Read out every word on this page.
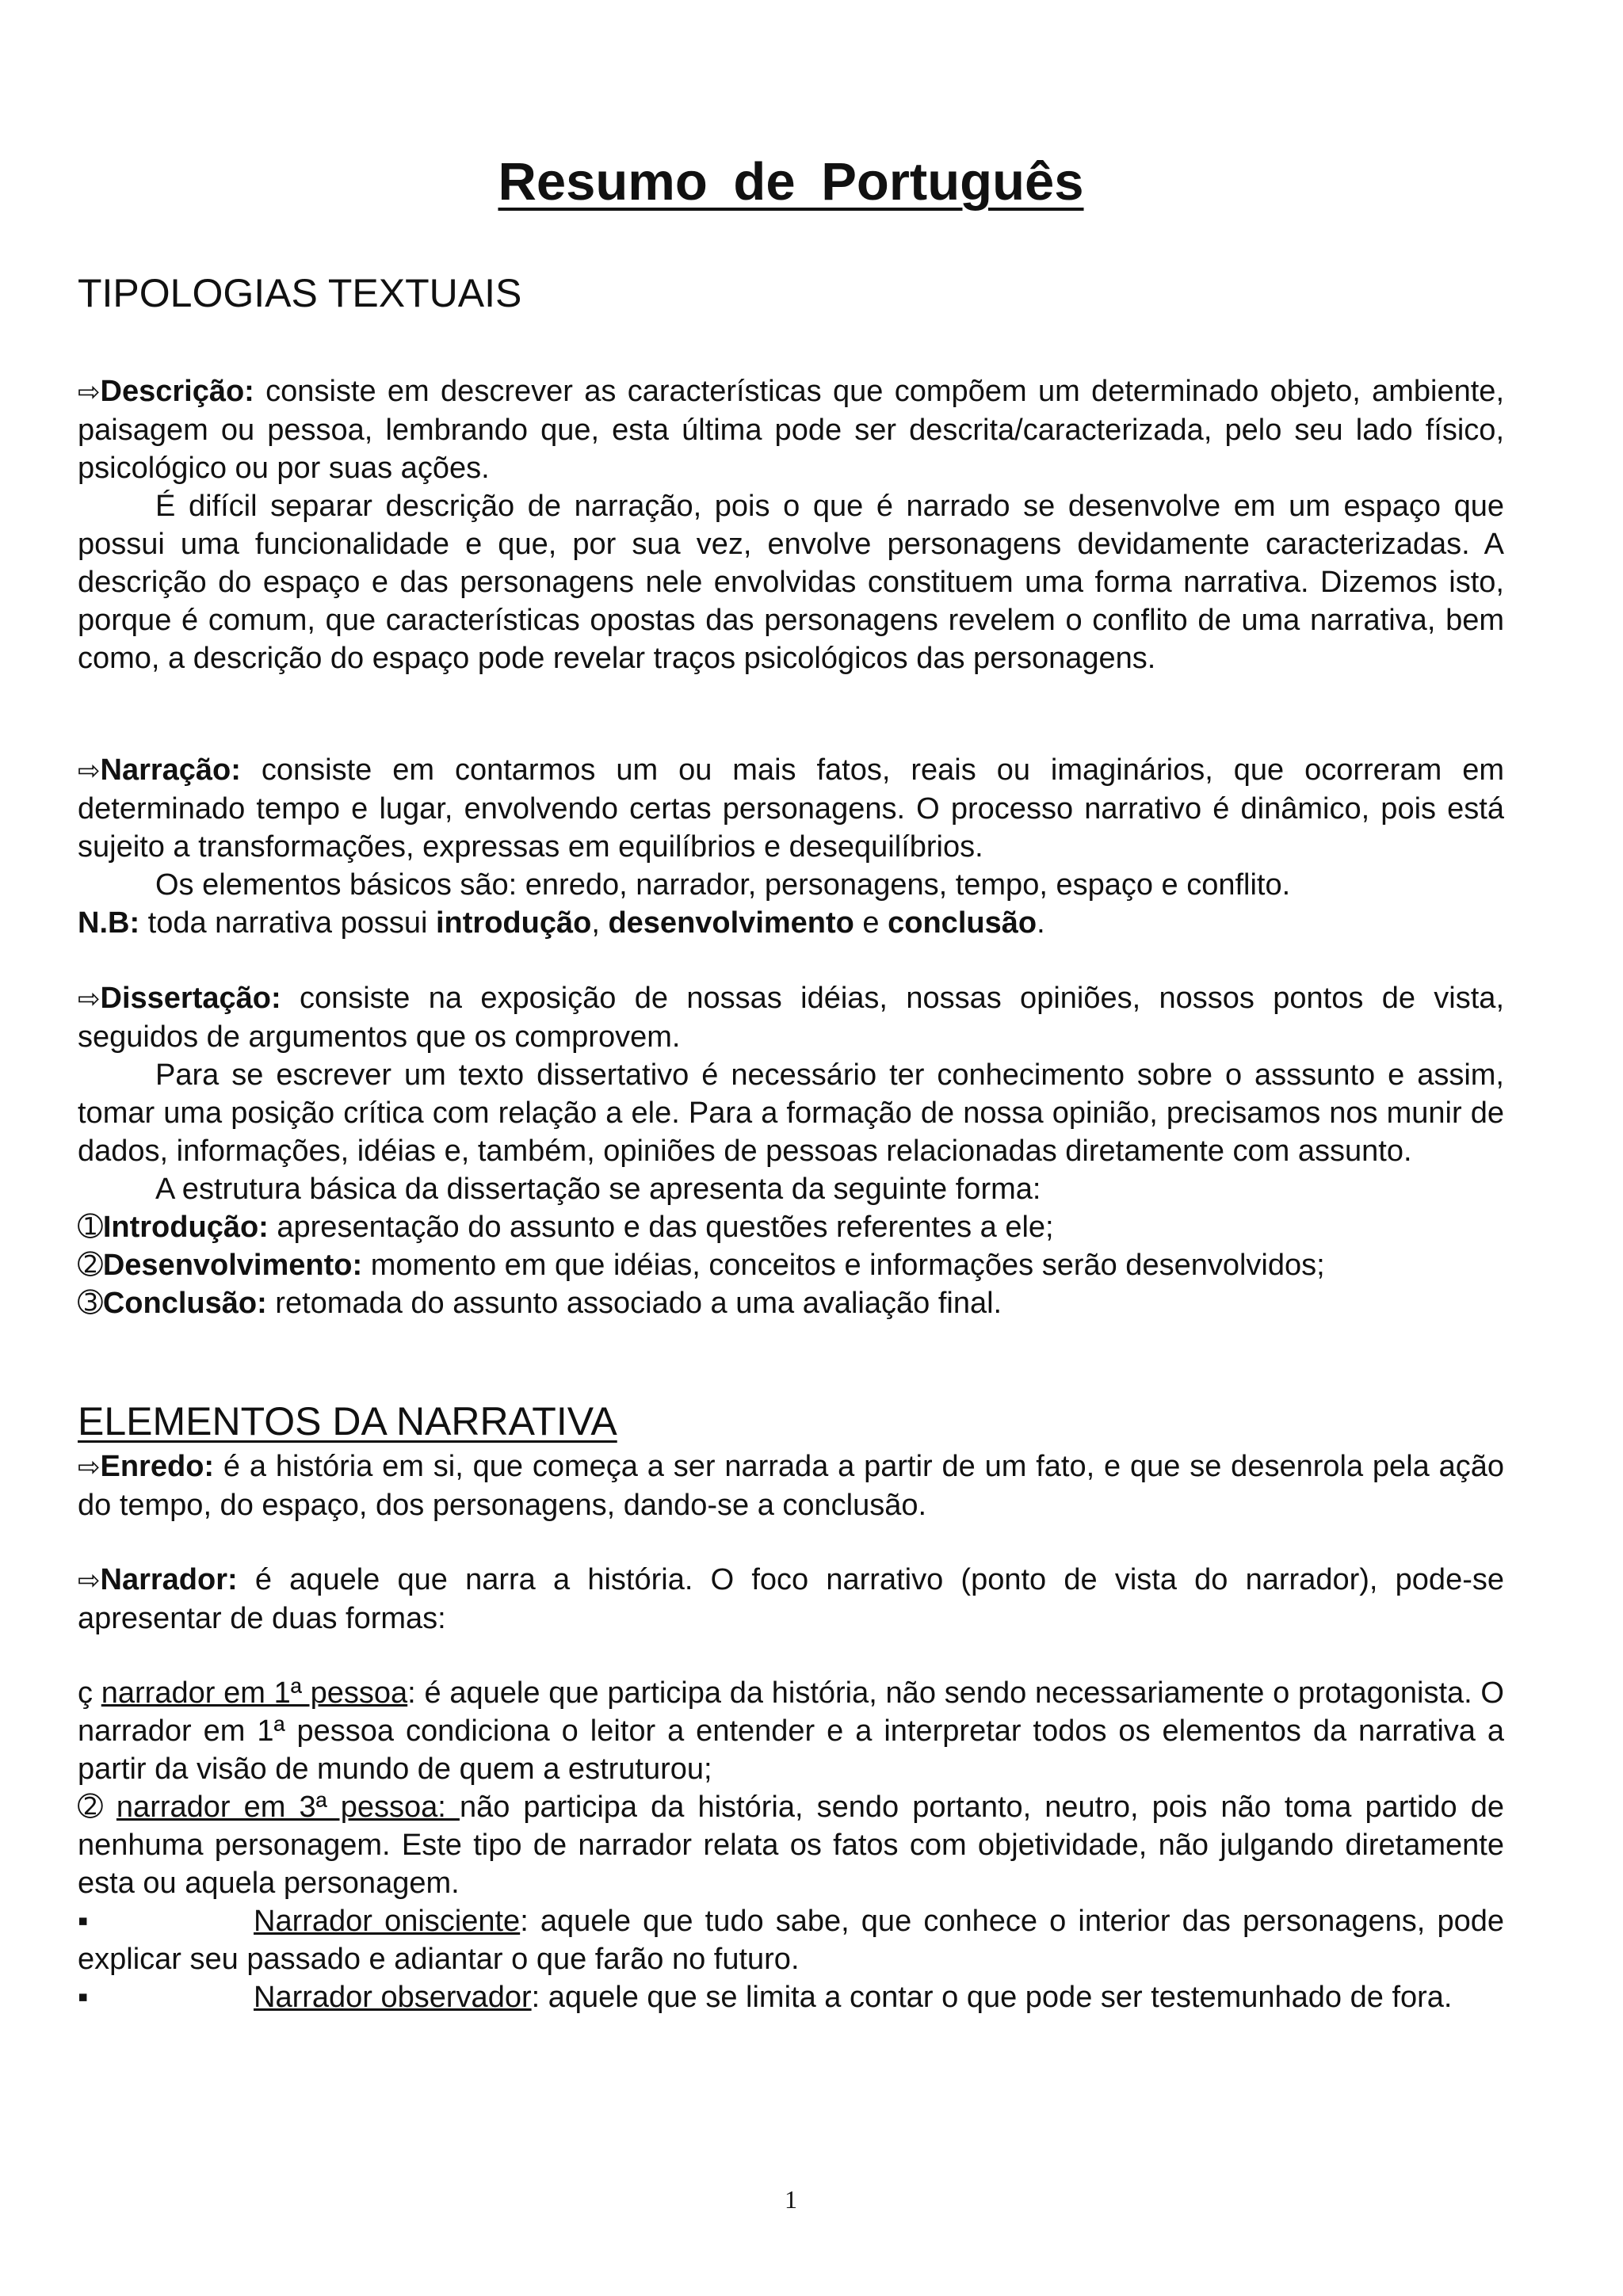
Resumo de Português
TIPOLOGIAS TEXTUAIS

⇨Descrição: consiste em descrever as características que compõem um determinado objeto, ambiente, paisagem ou pessoa, lembrando que, esta última pode ser descrita/caracterizada, pelo seu lado físico, psicológico ou por suas ações.

É difícil separar descrição de narração, pois o que é narrado se desenvolve em um espaço que possui uma funcionalidade e que, por sua vez, envolve personagens devidamente caracterizadas. A descrição do espaço e das personagens nele envolvidas constituem uma forma narrativa. Dizemos isto, porque é comum, que características opostas das personagens revelem o conflito de uma narrativa, bem como, a descrição do espaço pode revelar traços psicológicos das personagens.

⇨Narração: consiste em contarmos um ou mais fatos, reais ou imaginários, que ocorreram em determinado tempo e lugar, envolvendo certas personagens. O processo narrativo é dinâmico, pois está sujeito a transformações, expressas em equilíbrios e desequilíbrios.

Os elementos básicos são: enredo, narrador, personagens, tempo, espaço e conflito.

N.B: toda narrativa possui introdução, desenvolvimento e conclusão.

⇨Dissertação: consiste na exposição de nossas idéias, nossas opiniões, nossos pontos de vista, seguidos de argumentos que os comprovem.

Para se escrever um texto dissertativo é necessário ter conhecimento sobre o asssunto e assim, tomar uma posição crítica com relação a ele. Para a formação de nossa opinião, precisamos nos munir de dados, informações, idéias e, também, opiniões de pessoas relacionadas diretamente com assunto.

A estrutura básica da dissertação se apresenta da seguinte forma:

➀Introdução: apresentação do assunto e das questões referentes a ele;

➁Desenvolvimento: momento em que idéias, conceitos e informações serão desenvolvidos;

➂Conclusão: retomada do assunto associado a uma avaliação final.

ELEMENTOS DA NARRATIVA

⇨Enredo: é a história em si, que começa a ser narrada a partir de um fato, e que se desenrola pela ação do tempo, do espaço, dos personagens, dando-se a conclusão.

⇨Narrador: é aquele que narra a história. O foco narrativo (ponto de vista do narrador), pode-se apresentar de duas formas:

ç narrador em 1ª pessoa: é aquele que participa da história, não sendo necessariamente o protagonista. O narrador em 1ª pessoa condiciona o leitor a entender e a interpretar todos os elementos da narrativa a partir da visão de mundo de quem a estruturou;

➁ narrador em 3ª pessoa: não participa da história, sendo portanto, neutro, pois não toma partido de nenhuma personagem. Este tipo de narrador relata os fatos com objetividade, não julgando diretamente esta ou aquela personagem.

▪	Narrador onisciente: aquele que tudo sabe, que conhece o interior das personagens, pode explicar seu passado e adiantar o que farão no futuro.

▪	Narrador observador: aquele que se limita a contar o que pode ser testemunhado de fora.

1
